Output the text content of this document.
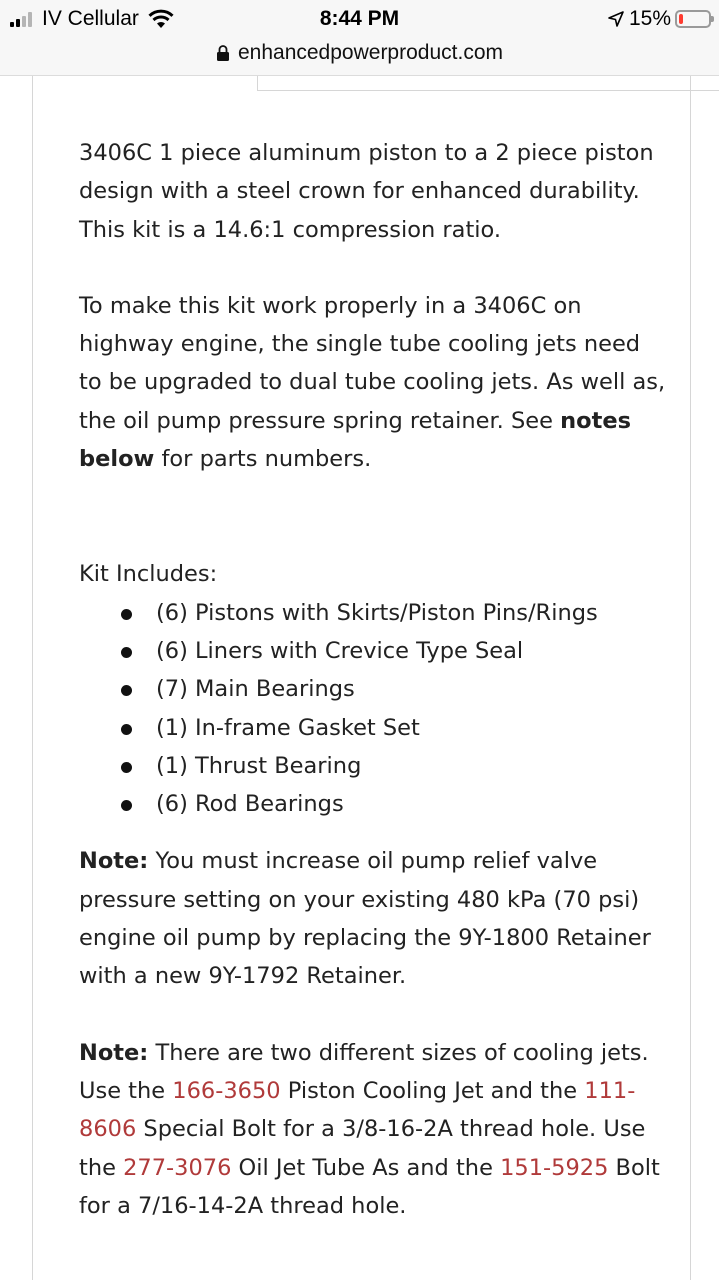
IV Cellular	8:44 PM	15%
enhancedpowerproduct.com

3406C 1 piece aluminum piston to a 2 piece piston design with a steel crown for enhanced durability. This kit is a 14.6:1 compression ratio.

To make this kit work properly in a 3406C on highway engine, the single tube cooling jets need to be upgraded to dual tube cooling jets. As well as, the oil pump pressure spring retainer. See notes below for parts numbers.

Kit Includes:

(6) Pistons with Skirts/Piston Pins/Rings
(6) Liners with Crevice Type Seal
(7) Main Bearings
(1) In-frame Gasket Set
(1) Thrust Bearing
(6) Rod Bearings

Note: You must increase oil pump relief valve pressure setting on your existing 480 kPa (70 psi) engine oil pump by replacing the 9Y-1800 Retainer with a new 9Y-1792 Retainer.

Note: There are two different sizes of cooling jets. Use the 166-3650 Piston Cooling Jet and the 111-8606 Special Bolt for a 3/8-16-2A thread hole. Use the 277-3076 Oil Jet Tube As and the 151-5925 Bolt for a 7/16-14-2A thread hole.
